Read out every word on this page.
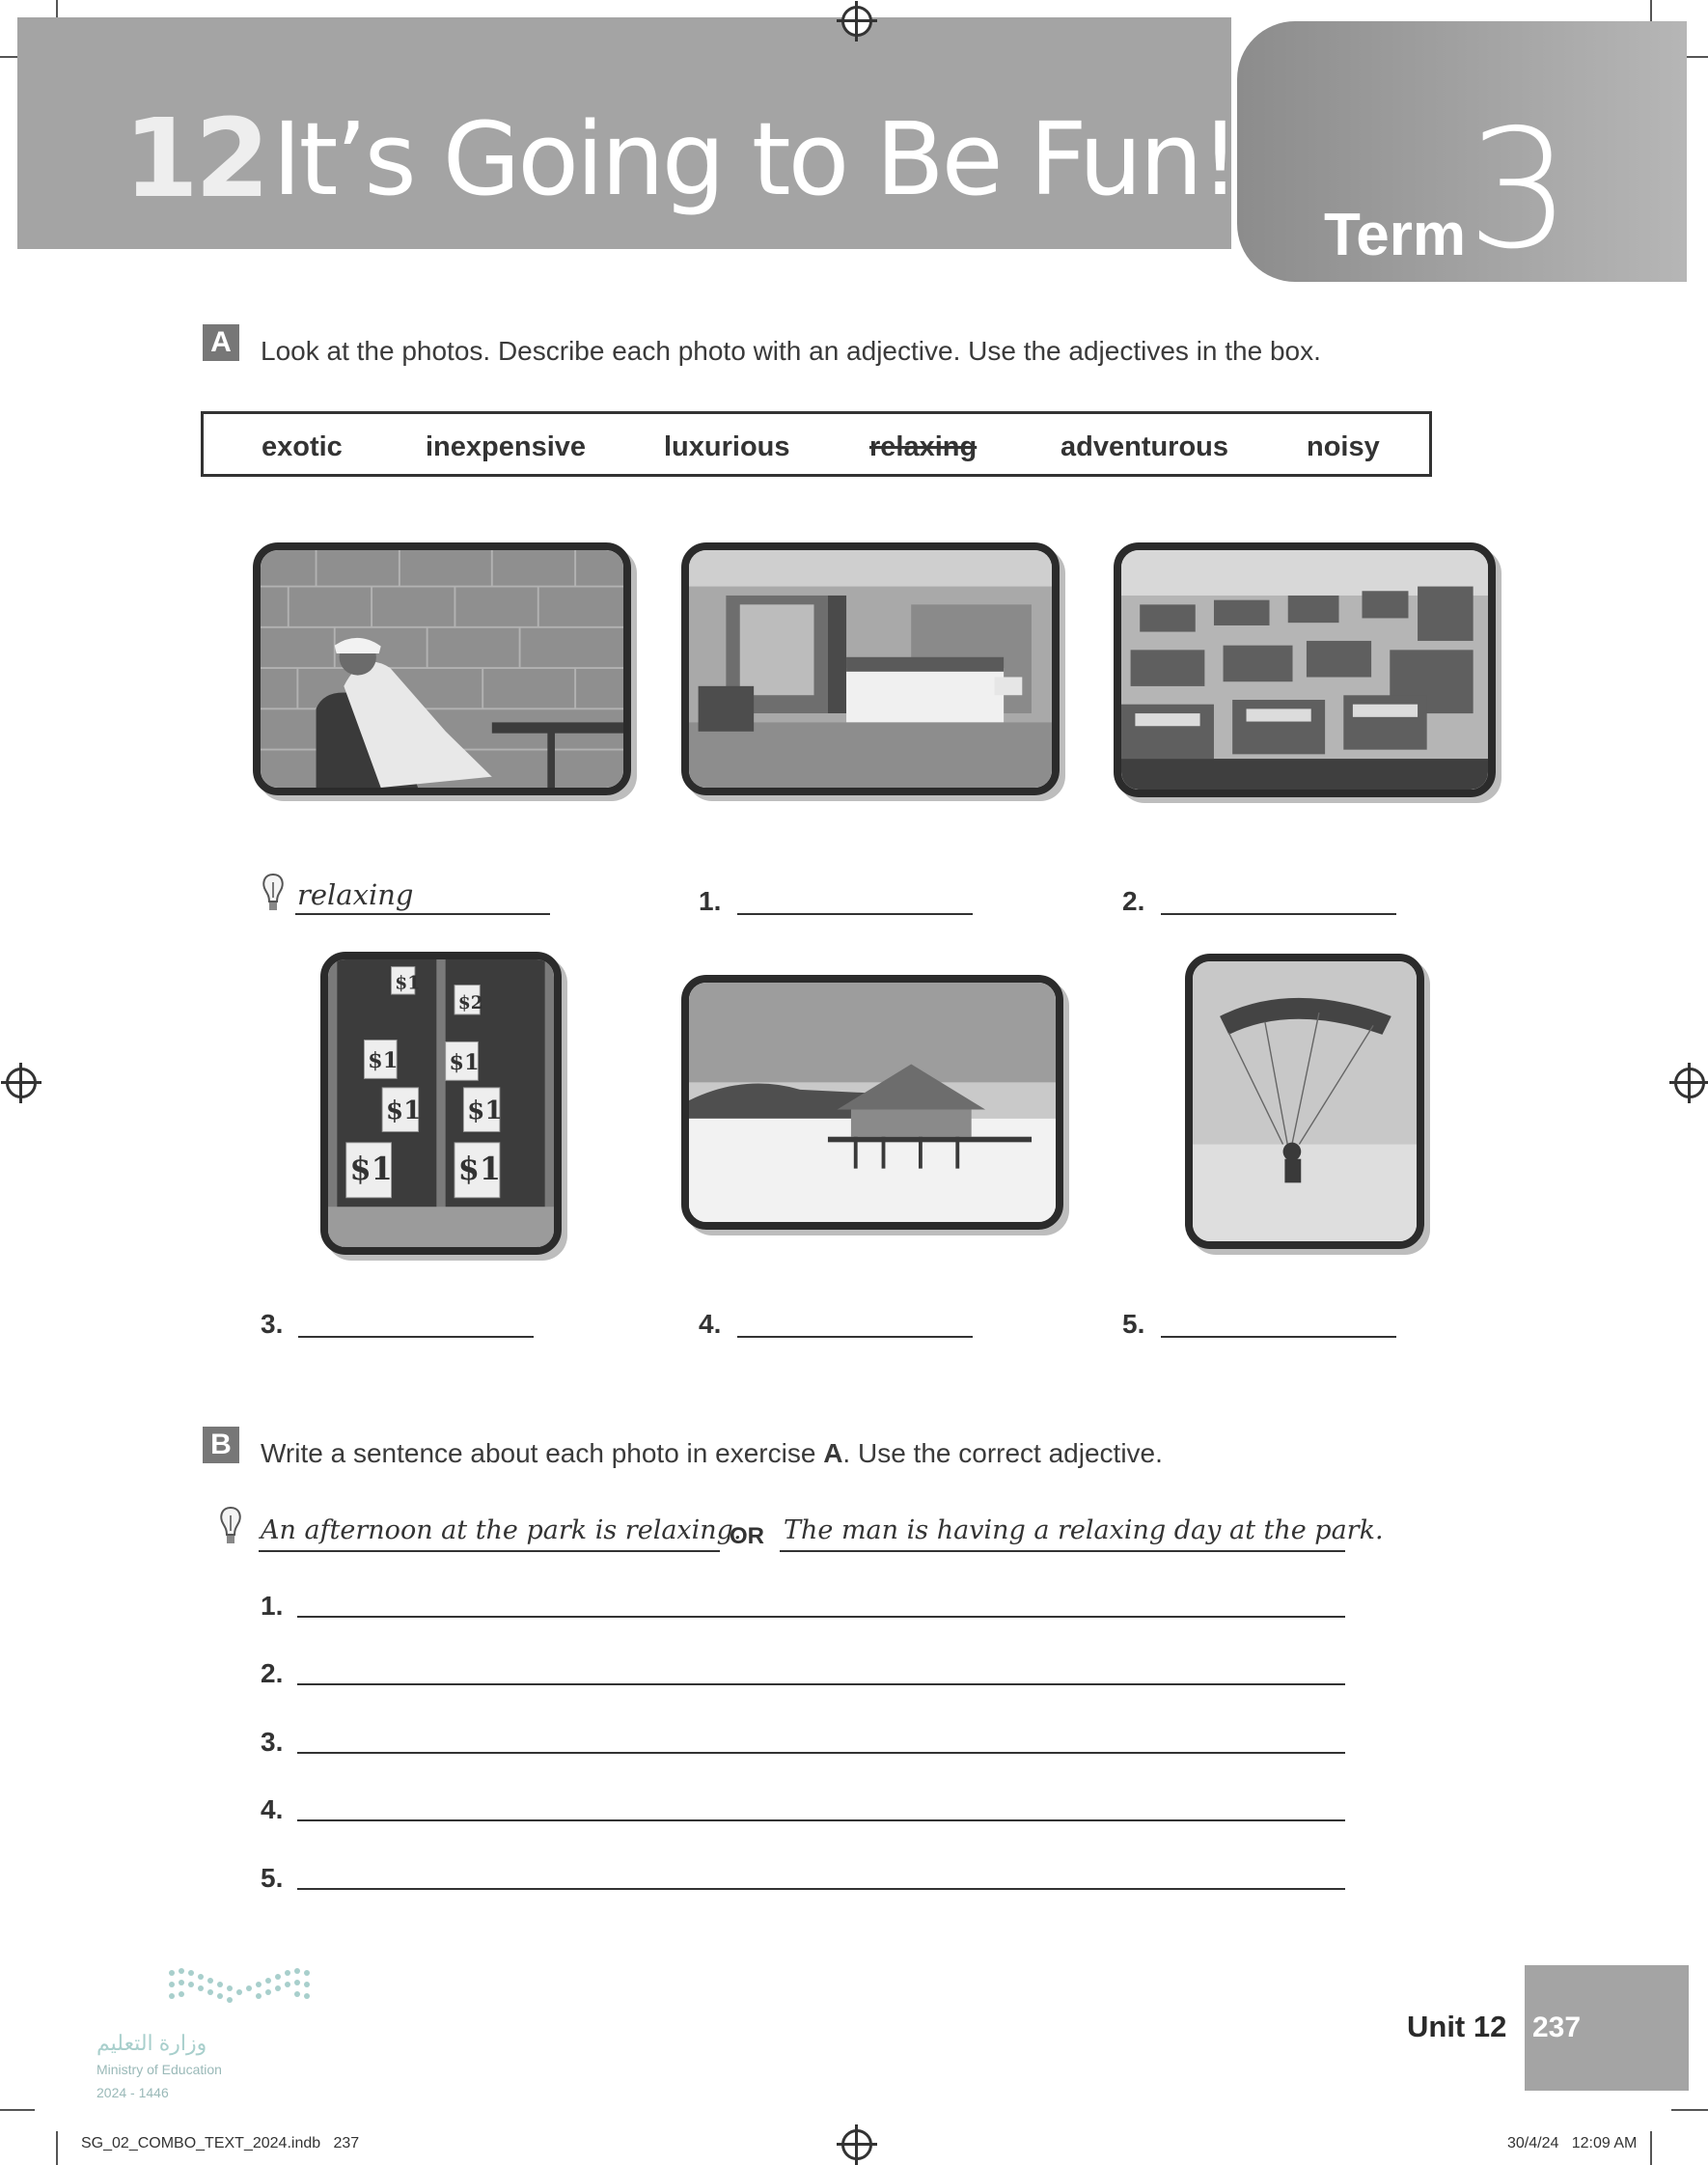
12 It’s Going to Be Fun!
Term 3
A Look at the photos. Describe each photo with an adjective. Use the adjectives in the box.
exotic	inexpensive	luxurious	relaxing	adventurous	noisy
relaxing	1.	2.
$1
$2
$1 $1
$1 $1
$1 $1
3.	4.	5.
B Write a sentence about each photo in exercise A. Use the correct adjective.
An afternoon at the park is relaxing.
OR The man is having a relaxing day at the park.
1.
2.
3.
4.
5.
وزارة التعليم
Ministry of Education
2024 - 1446
Unit 12 237
SG_02_COMBO_TEXT_2024.indb   237	30/4/24   12:09 AM
